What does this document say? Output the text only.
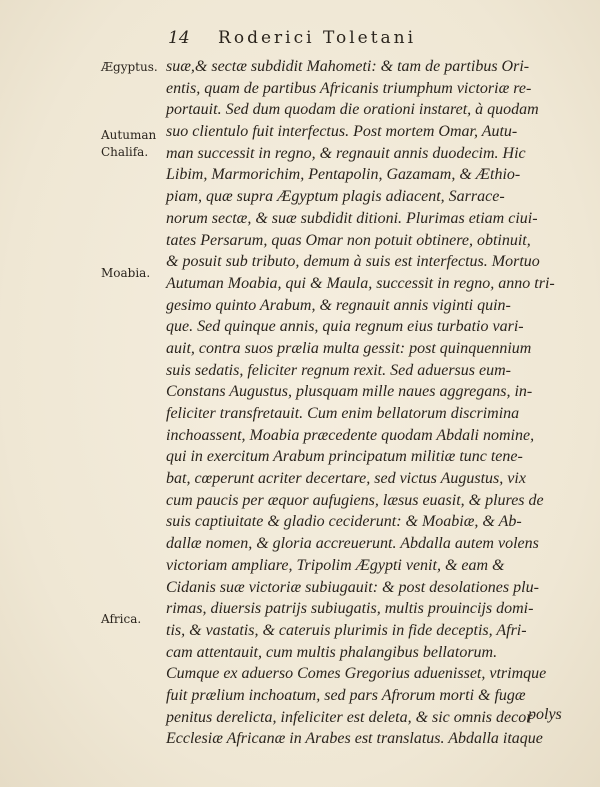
14 Roderici Toletani
Ægyptus.
Autuman
Chalifa.
Moabia.
Africa.
suæ,& sectæ subdidit Mahometi: & tam de partibus Ori-
entis, quam de partibus Africanis triumphum victoriæ re-
portauit. Sed dum quodam die orationi instaret, à quodam
suo clientulo fuit interfectus. Post mortem Omar, Autu-
man successit in regno, & regnauit annis duodecim. Hic
Libim, Marmorichim, Pentapolin, Gazamam, & Æthio-
piam, quæ supra Ægyptum plagis adiacent, Sarrace-
norum sectæ, & suæ subdidit ditioni. Plurimas etiam ciui-
tates Persarum, quas Omar non potuit obtinere, obtinuit,
& posuit sub tributo, demum à suis est interfectus. Mortuo
Autuman Moabia, qui & Maula, successit in regno, anno tri-
gesimo quinto Arabum, & regnauit annis viginti quin-
que. Sed quinque annis, quia regnum eius turbatio vari-
auit, contra suos prælia multa gessit: post quinquennium
suis sedatis, feliciter regnum rexit. Sed aduersus eum-
Constans Augustus, plusquam mille naues aggregans, in-
feliciter transfretauit. Cum enim bellatorum discrimina
inchoassent, Moabia præcedente quodam Abdali nomine,
qui in exercitum Arabum principatum militiæ tunc tene-
bat, cœperunt acriter decertare, sed victus Augustus, vix
cum paucis per æquor aufugiens, læsus euasit, & plures de
suis captiuitate & gladio ceciderunt: & Moabiæ, & Ab-
dallæ nomen, & gloria accreuerunt. Abdalla autem volens
victoriam ampliare, Tripolim Ægypti venit, & eam &
Cidanis suæ victoriæ subiugauit: & post desolationes plu-
rimas, diuersis patrijs subiugatis, multis prouincijs domi-
tis, & vastatis, & cateruis plurimis in fide deceptis, Afri-
cam attentauit, cum multis phalangibus bellatorum.
Cumque ex aduerso Comes Gregorius aduenisset, vtrimque
fuit prælium inchoatum, sed pars Afrorum morti & fugæ
penitus derelicta, infeliciter est deleta, & sic omnis decor
Ecclesiæ Africanæ in Arabes est translatus. Abdalla itaque
polys
